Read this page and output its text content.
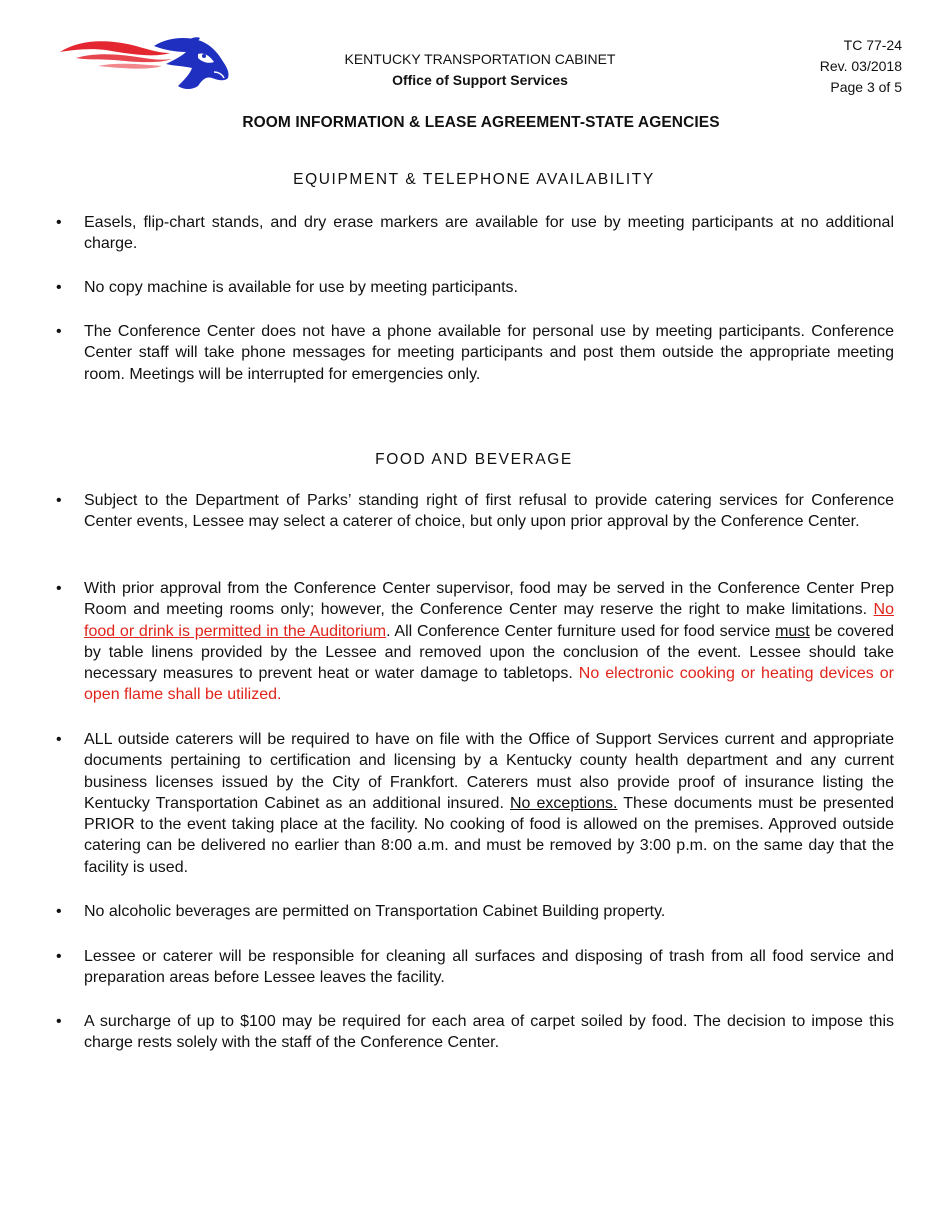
KENTUCKY TRANSPORTATION CABINET
Office of Support Services
TC 77-24
Rev. 03/2018
Page 3 of 5
ROOM INFORMATION & LEASE AGREEMENT-STATE AGENCIES
EQUIPMENT & TELEPHONE AVAILABILITY
• Easels, flip-chart stands, and dry erase markers are available for use by meeting participants at no additional charge.
• No copy machine is available for use by meeting participants.
• The Conference Center does not have a phone available for personal use by meeting participants. Conference Center staff will take phone messages for meeting participants and post them outside the appropriate meeting room. Meetings will be interrupted for emergencies only.
FOOD AND BEVERAGE
• Subject to the Department of Parks’ standing right of first refusal to provide catering services for Conference Center events, Lessee may select a caterer of choice, but only upon prior approval by the Conference Center.
• With prior approval from the Conference Center supervisor, food may be served in the Conference Center Prep Room and meeting rooms only; however, the Conference Center may reserve the right to make limitations. No food or drink is permitted in the Auditorium. All Conference Center furniture used for food service must be covered by table linens provided by the Lessee and removed upon the conclusion of the event. Lessee should take necessary measures to prevent heat or water damage to tabletops. No electronic cooking or heating devices or open flame shall be utilized.
• ALL outside caterers will be required to have on file with the Office of Support Services current and appropriate documents pertaining to certification and licensing by a Kentucky county health department and any current business licenses issued by the City of Frankfort. Caterers must also provide proof of insurance listing the Kentucky Transportation Cabinet as an additional insured. No exceptions. These documents must be presented PRIOR to the event taking place at the facility. No cooking of food is allowed on the premises. Approved outside catering can be delivered no earlier than 8:00 a.m. and must be removed by 3:00 p.m. on the same day that the facility is used.
• No alcoholic beverages are permitted on Transportation Cabinet Building property.
• Lessee or caterer will be responsible for cleaning all surfaces and disposing of trash from all food service and preparation areas before Lessee leaves the facility.
• A surcharge of up to $100 may be required for each area of carpet soiled by food. The decision to impose this charge rests solely with the staff of the Conference Center.
